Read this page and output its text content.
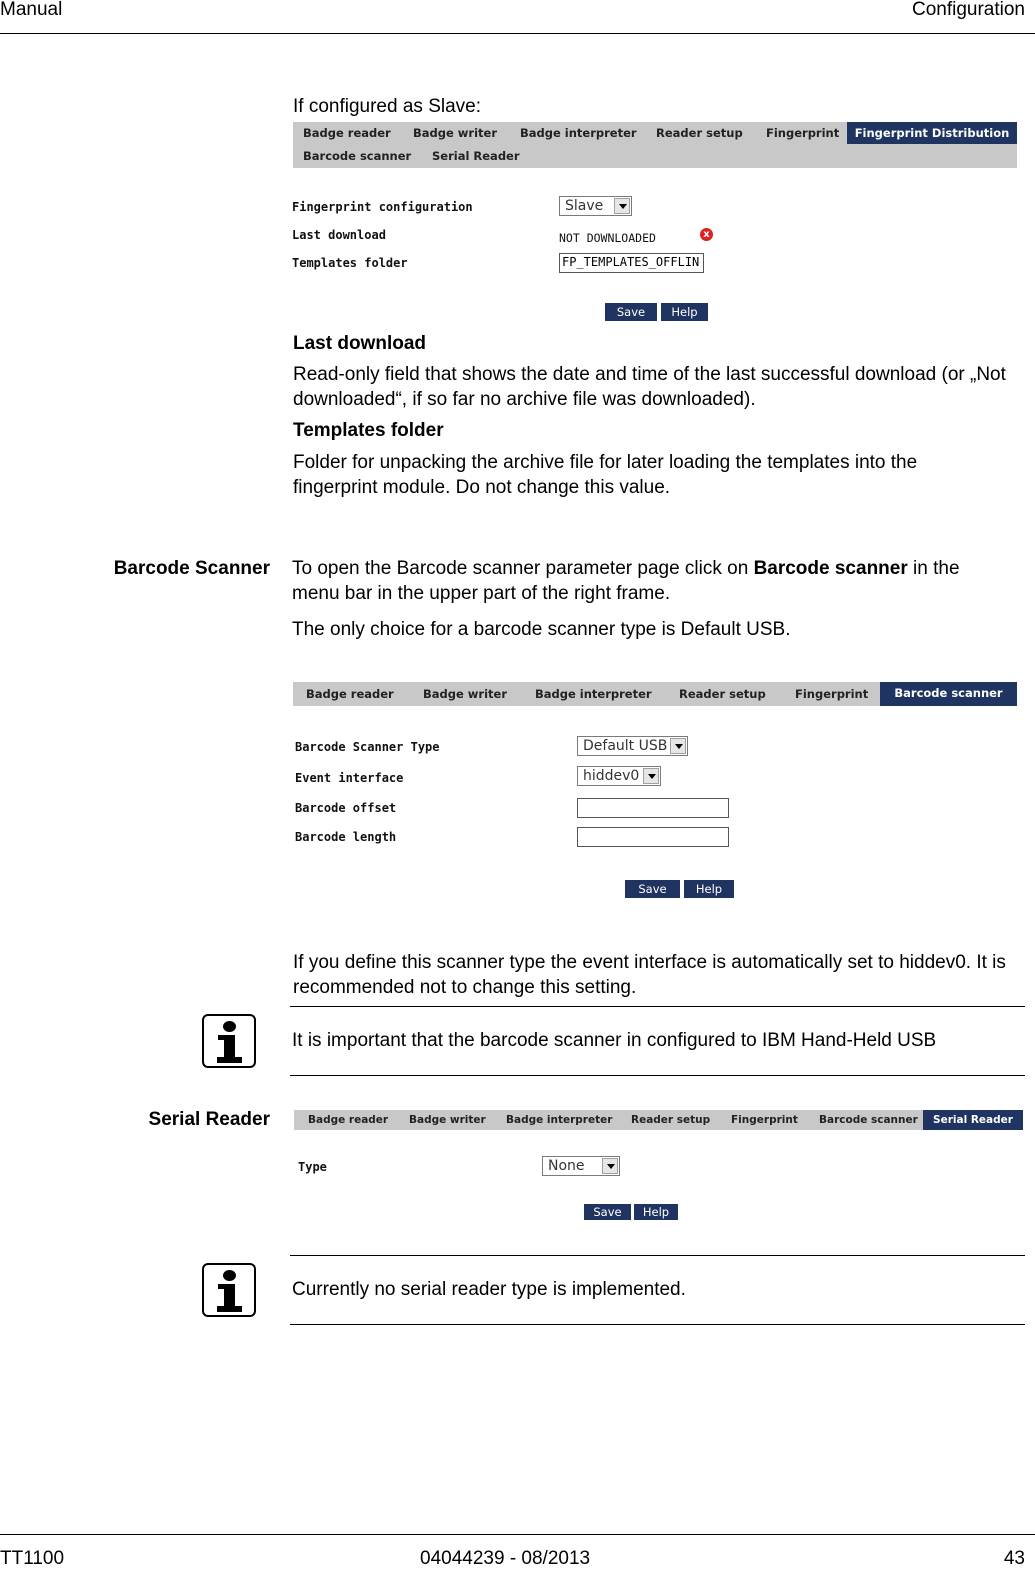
Manual	Configuration
If configured as Slave:
Badge reader Badge writer Badge interpreter Reader setup Fingerprint	Fingerprint Distribution
Barcode scanner Serial Reader
Fingerprint configuration	Slave
Last download	NOT DOWNLOADED	x
Templates folder	FP_TEMPLATES_OFFLIN
Save	Help
Last download
Read-only field that shows the date and time of the last successful download (or „Not downloaded“, if so far no archive file was downloaded).
Templates folder
Folder for unpacking the archive file for later loading the templates into the fingerprint module. Do not change this value.
Barcode Scanner To open the Barcode scanner parameter page click on Barcode scanner in the menu bar in the upper part of the right frame.
The only choice for a barcode scanner type is Default USB.
Badge reader	Badge writer Badge interpreter Reader setup	Fingerprint	Barcode scanner
Barcode Scanner Type	Default USB
Event interface	hiddev0
Barcode offset
Barcode length
Save	Help
If you define this scanner type the event interface is automatically set to hiddev0. It is recommended not to change this setting.
It is important that the barcode scanner in configured to IBM Hand-Held USB
Serial Reader	Badge reader Badge writer Badge interpreter Reader setup Fingerprint Barcode scanner	Serial Reader
Type	None
Save	Help
Currently no serial reader type is implemented.
TT1100	04044239 - 08/2013	43
